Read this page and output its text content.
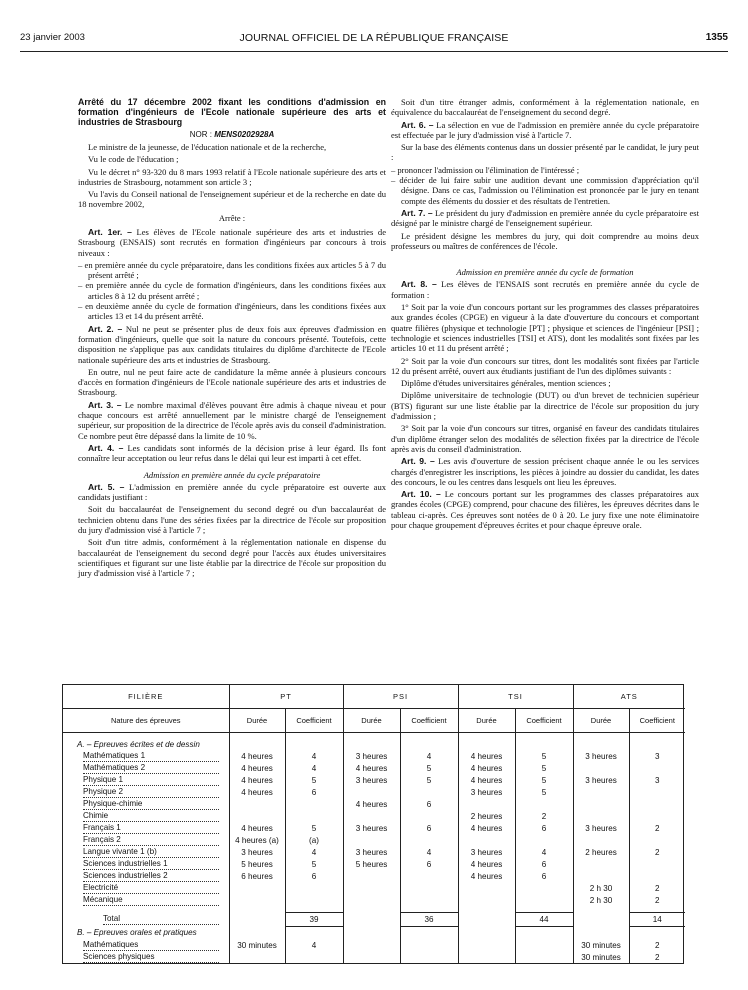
23 janvier 2003	JOURNAL OFFICIEL DE LA RÉPUBLIQUE FRANÇAISE	1355

Arrêté du 17 décembre 2002 fixant les conditions d'admission en formation d'ingénieurs de l'Ecole nationale supérieure des arts et industries de Strasbourg

NOR : MENS0202928A

Le ministre de la jeunesse, de l'éducation nationale et de la recherche,

Vu le code de l'éducation ;

Vu le décret n° 93-320 du 8 mars 1993 relatif à l'Ecole nationale supérieure des arts et industries de Strasbourg, notamment son article 3 ;

Vu l'avis du Conseil national de l'enseignement supérieur et de la recherche en date du 18 novembre 2002,

Arrête :

Art. 1er. – Les élèves de l'Ecole nationale supérieure des arts et industries de Strasbourg (ENSAIS) sont recrutés en formation d'ingénieurs par concours à trois niveaux :

– en première année du cycle préparatoire, dans les conditions fixées aux articles 5 à 7 du présent arrêté ;
– en première année du cycle de formation d'ingénieurs, dans les conditions fixées aux articles 8 à 12 du présent arrêté ;
– en deuxième année du cycle de formation d'ingénieurs, dans les conditions fixées aux articles 13 et 14 du présent arrêté.

Art. 2. – Nul ne peut se présenter plus de deux fois aux épreuves d'admission en formation d'ingénieurs, quelle que soit la nature du concours présenté. Toutefois, cette disposition ne s'applique pas aux candidats titulaires du diplôme d'architecte de l'Ecole nationale supérieure des arts et industries de Strasbourg.

En outre, nul ne peut faire acte de candidature la même année à plusieurs concours d'accès en formation d'ingénieurs de l'Ecole nationale supérieure des arts et industries de Strasbourg.

Art. 3. – Le nombre maximal d'élèves pouvant être admis à chaque niveau et pour chaque concours est arrêté annuellement par le ministre chargé de l'enseignement supérieur, sur proposition de la directrice de l'école après avis du conseil d'administration. Ce nombre peut être dépassé dans la limite de 10 %.

Art. 4. – Les candidats sont informés de la décision prise à leur égard. Ils font connaître leur acceptation ou leur refus dans le délai qui leur est imparti à cet effet.

Admission en première année du cycle préparatoire

Art. 5. – L'admission en première année du cycle préparatoire est ouverte aux candidats justifiant :

Soit du baccalauréat de l'enseignement du second degré ou d'un baccalauréat de technicien obtenu dans l'une des séries fixées par la directrice de l'école sur proposition du jury d'admission visé à l'article 7 ;

Soit d'un titre admis, conformément à la réglementation nationale en dispense du baccalauréat de l'enseignement du second degré pour l'accès aux études universitaires scientifiques et figurant sur une liste établie par la directrice de l'école sur proposition du jury d'admission visé à l'article 7 ;

Soit d'un titre étranger admis, conformément à la réglementation nationale, en équivalence du baccalauréat de l'enseignement du second degré.

Art. 6. – La sélection en vue de l'admission en première année du cycle préparatoire est effectuée par le jury d'admission visé à l'article 7.

Sur la base des éléments contenus dans un dossier présenté par le candidat, le jury peut :

– prononcer l'admission ou l'élimination de l'intéressé ;
– décider de lui faire subir une audition devant une commission d'appréciation qu'il désigne. Dans ce cas, l'admission ou l'élimination est prononcée par le jury en tenant compte des éléments du dossier et des résultats de l'entretien.

Art. 7. – Le président du jury d'admission en première année du cycle préparatoire est désigné par le ministre chargé de l'enseignement supérieur.

Le président désigne les membres du jury, qui doit comprendre au moins deux professeurs ou maîtres de conférences de l'école.

Admission en première année du cycle de formation

Art. 8. – Les élèves de l'ENSAIS sont recrutés en première année du cycle de formation :

1° Soit par la voie d'un concours portant sur les programmes des classes préparatoires aux grandes écoles (CPGE) en vigueur à la date d'ouverture du concours et comportant quatre filières (physique et technologie [PT] ; physique et sciences de l'ingénieur [PSI] ; technologie et sciences industrielles [TSI] et ATS), dont les modalités sont fixées par les articles 10 et 11 du présent arrêté ;

2° Soit par la voie d'un concours sur titres, dont les modalités sont fixées par l'article 12 du présent arrêté, ouvert aux étudiants justifiant de l'un des diplômes suivants :

Diplôme d'études universitaires générales, mention sciences ;

Diplôme universitaire de technologie (DUT) ou d'un brevet de technicien supérieur (BTS) figurant sur une liste établie par la directrice de l'école sur proposition du jury d'admission ;

3° Soit par la voie d'un concours sur titres, organisé en faveur des candidats titulaires d'un diplôme étranger selon des modalités de sélection fixées par la directrice de l'école après avis du conseil d'administration.

Art. 9. – Les avis d'ouverture de session précisent chaque année le ou les services chargés d'enregistrer les inscriptions, les pièces à joindre au dossier du candidat, les dates des concours, le ou les centres dans lesquels ont lieu les épreuves.

Art. 10. – Le concours portant sur les programmes des classes préparatoires aux grandes écoles (CPGE) comprend, pour chacune des filières, les épreuves décrites dans le tableau ci-après. Ces épreuves sont notées de 0 à 20. Le jury fixe une note éliminatoire pour chaque groupement d'épreuves écrites et pour chaque épreuve orale.

FILIÈRE	PT		PSI		TSI		ATS	
Nature des épreuves	Durée	Coefficient	Durée	Coefficient	Durée	Coefficient	Durée	Coefficient

A. – Epreuves écrites et de dessin								
Mathématiques 1	4 heures	4	3 heures	4	4 heures	5	3 heures	3
Mathématiques 2	4 heures	4	4 heures	5	4 heures	5		
Physique 1	4 heures	5	3 heures	5	4 heures	5	3 heures	3
Physique 2	4 heures	6			3 heures	5		
Physique-chimie			4 heures	6				
Chimie					2 heures	2		
Français 1	4 heures	5	3 heures	6	4 heures	6	3 heures	2
Français 2	4 heures (a)	(a)						
Langue vivante 1 (b)	3 heures	4	3 heures	4	3 heures	4	2 heures	2
Sciences industrielles 1	5 heures	5	5 heures	6	4 heures	6		
Sciences industrielles 2	6 heures	6			4 heures	6		
Electricité							2 h 30	2
Mécanique							2 h 30	2

Total		39		36		44		14
B. – Epreuves orales et pratiques								
Mathématiques	30 minutes	4					30 minutes	2
Sciences physiques							30 minutes	2
